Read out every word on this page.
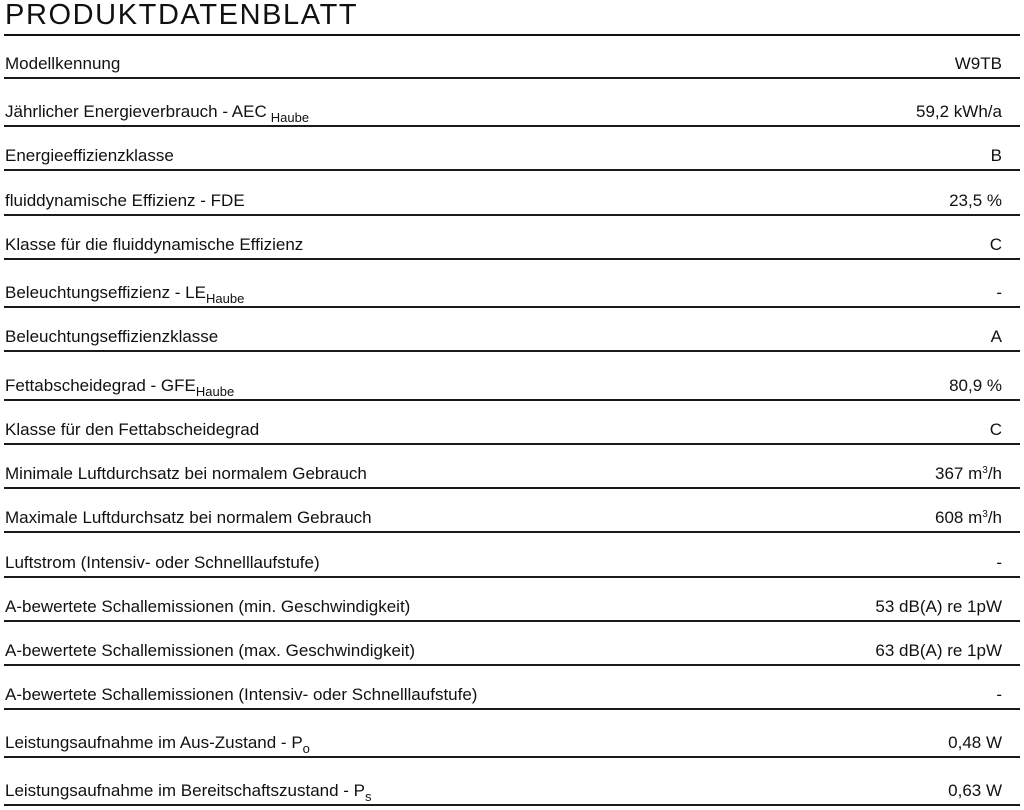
PRODUKTDATENBLATT
Modellkennung	W9TB
Jährlicher Energieverbrauch - AEC $_{Haube}$	59,2 kWh/a
Energieeffizienzklasse	B
fluiddynamische Effizienz - FDE	23,5 %
Klasse für die fluiddynamische Effizienz	C
Beleuchtungseffizienz - $LE_{Haube}$	-
Beleuchtungseffizienzklasse	A
Fettabscheidegrad - $GFE_{Haube}$	80,9 %
Klasse für den Fettabscheidegrad	C
Minimale Luftdurchsatz bei normalem Gebrauch	367 $m^3/h$
Maximale Luftdurchsatz bei normalem Gebrauch	608 $m^3/h$
Luftstrom (Intensiv- oder Schnelllaufstufe)	-
A-bewertete Schallemissionen (min. Geschwindigkeit)	53 dB(A) re 1pW
A-bewertete Schallemissionen (max. Geschwindigkeit)	63 dB(A) re 1pW
A-bewertete Schallemissionen (Intensiv- oder Schnelllaufstufe)	-
Leistungsaufnahme im $Aus-Zustand - P_o$	0,48 W
Leistungsaufnahme im Bereitschaftszustand - $P_s$	0,63 W
